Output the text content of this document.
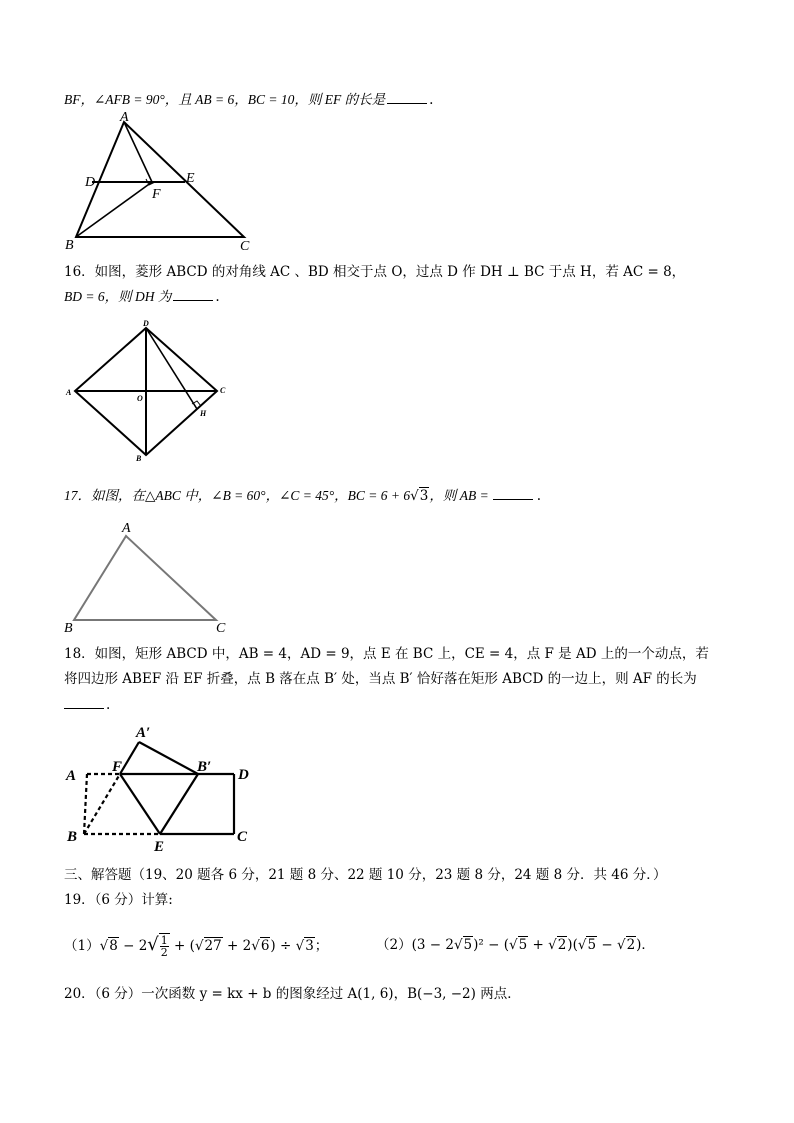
BF，∠AFB = 90°，且 AB = 6，BC = 10，则 EF 的长是	.
A
D	E
F
B	C
16．如图，菱形 ABCD 的对角线 AC 、BD 相交于点 O，过点 D 作 DH ⊥ BC 于点 H，若 AC = 8，
BD = 6，则 DH 为	.
D
A	C
O
H
B
17．如图，在△ABC 中，∠B = 60°，∠C = 45°，BC = 6 + 6√3，则 AB =	.
A
B	C
18．如图，矩形 ABCD 中，AB = 4，AD = 9，点 E 在 BC 上，CE = 4，点 F 是 AD 上的一个动点，若
将四边形 ABEF 沿 EF 折叠，点 B 落在点 B′ 处，当点 B′ 恰好落在矩形 ABCD 的一边上，则 AF 的长为
.
A
F
A′
B′ D
B
E
C
三、解答题（19、20 题各 6 分，21 题 8 分、22 题 10 分，23 题 8 分，24 题 8 分．共 46 分．）
19．（6 分）计算:
$(1)√8 - 2√ \frac{1}{2} + (√27 + 2√6) \div √3$；	（2）(3 − 2√5)² − (√5 + √2)(√5 − √2)．
20．（6 分）一次函数 y = kx + b 的图象经过 A(1, 6)，B(−3, −2) 两点．
